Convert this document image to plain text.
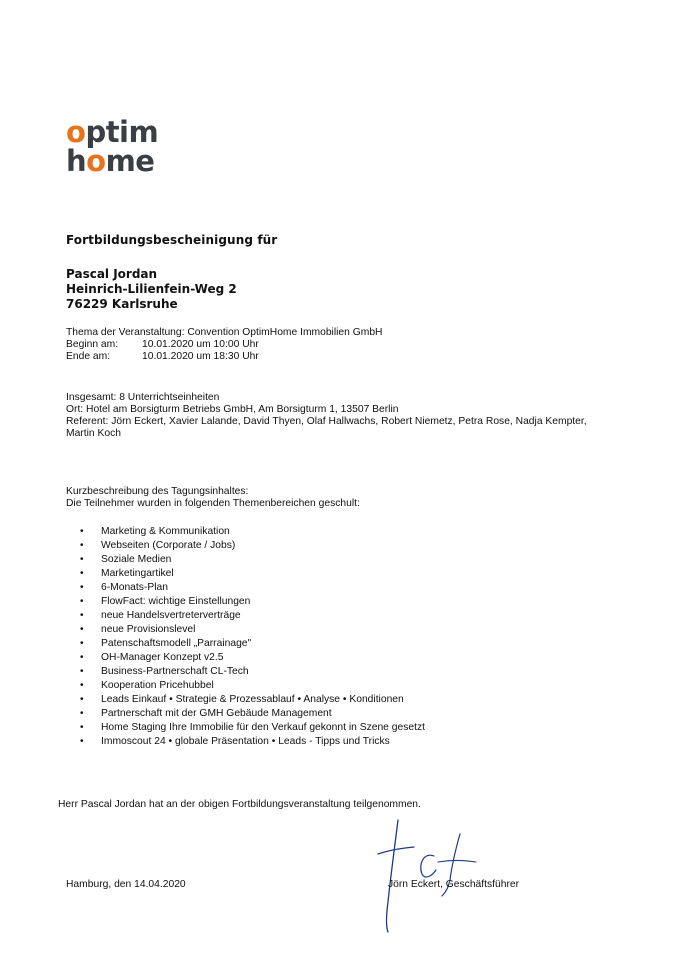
optim
home
Fortbildungsbescheinigung für
Pascal Jordan
Heinrich-Lilienfein-Weg 2
76229 Karlsruhe
Thema der Veranstaltung: Convention OptimHome Immobilien GmbH
Beginn am:	10.01.2020 um 10:00 Uhr
Ende am:	10.01.2020 um 18:30 Uhr
Insgesamt: 8 Unterrichtseinheiten
Ort: Hotel am Borsigturm Betriebs GmbH, Am Borsigturm 1, 13507 Berlin
Referent: Jörn Eckert, Xavier Lalande, David Thyen, Olaf Hallwachs, Robert Niemetz, Petra Rose, Nadja Kempter, Martin Koch
Kurzbeschreibung des Tagungsinhaltes:
Die Teilnehmer wurden in folgenden Themenbereichen geschult:
• Marketing & Kommunikation
• Webseiten (Corporate / Jobs)
• Soziale Medien
• Marketingartikel
• 6-Monats-Plan
• FlowFact: wichtige Einstellungen
• neue Handelsvertreterverträge
• neue Provisionslevel
• Patenschaftsmodell „Parrainage"
• OH-Manager Konzept v2.5
• Business-Partnerschaft CL-Tech
• Kooperation Pricehubbel
• Leads Einkauf • Strategie & Prozessablauf • Analyse • Konditionen
• Partnerschaft mit der GMH Gebäude Management
• Home Staging Ihre Immobilie für den Verkauf gekonnt in Szene gesetzt
• Immoscout 24 • globale Präsentation • Leads - Tipps und Tricks
Herr Pascal Jordan hat an der obigen Fortbildungsveranstaltung teilgenommen.
Hamburg, den 14.04.2020	Jörn Eckert, Geschäftsführer
